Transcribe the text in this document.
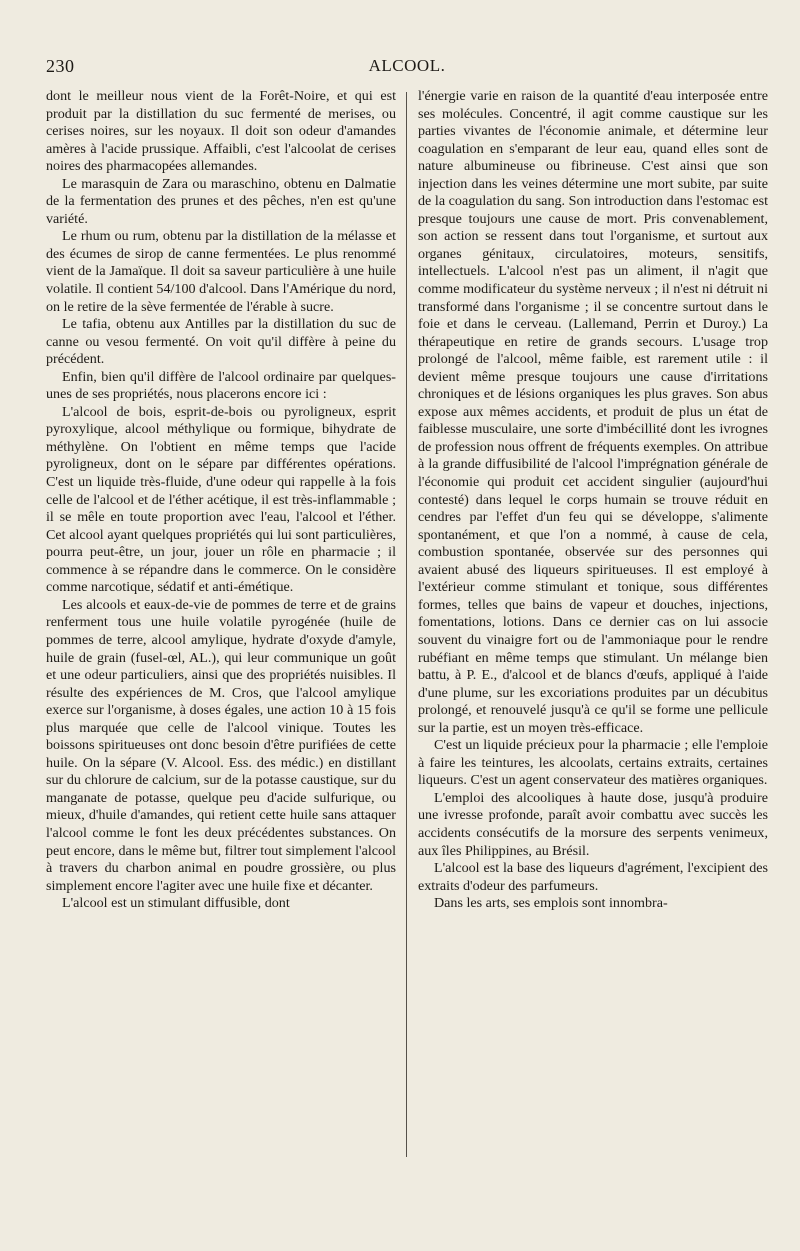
230	ALCOOL.

dont le meilleur nous vient de la Forêt-Noire, et qui est produit par la distillation du suc fermenté de merises, ou cerises noires, sur les noyaux. Il doit son odeur d'amandes amères à l'acide prussique. Affaibli, c'est l'alcoolat de cerises noires des pharmacopées allemandes.

Le marasquin de Zara ou maraschino, obtenu en Dalmatie de la fermentation des prunes et des pêches, n'en est qu'une variété.

Le rhum ou rum, obtenu par la distillation de la mélasse et des écumes de sirop de canne fermentées. Le plus renommé vient de la Jamaïque. Il doit sa saveur particulière à une huile volatile. Il contient 54/100 d'alcool. Dans l'Amérique du nord, on le retire de la sève fermentée de l'érable à sucre.

Le tafia, obtenu aux Antilles par la distillation du suc de canne ou vesou fermenté. On voit qu'il diffère à peine du précédent.

Enfin, bien qu'il diffère de l'alcool ordinaire par quelques-unes de ses propriétés, nous placerons encore ici :

L'alcool de bois, esprit-de-bois ou pyroligneux, esprit pyroxylique, alcool méthylique ou formique, bihydrate de méthylène. On l'obtient en même temps que l'acide pyroligneux, dont on le sépare par différentes opérations. C'est un liquide très-fluide, d'une odeur qui rappelle à la fois celle de l'alcool et de l'éther acétique, il est très-inflammable ; il se mêle en toute proportion avec l'eau, l'alcool et l'éther. Cet alcool ayant quelques propriétés qui lui sont particulières, pourra peut-être, un jour, jouer un rôle en pharmacie ; il commence à se répandre dans le commerce. On le considère comme narcotique, sédatif et anti-émétique.

Les alcools et eaux-de-vie de pommes de terre et de grains renferment tous une huile volatile pyrogénée (huile de pommes de terre, alcool amylique, hydrate d'oxyde d'amyle, huile de grain (fusel-œl, AL.), qui leur communique un goût et une odeur particuliers, ainsi que des propriétés nuisibles. Il résulte des expériences de M. Cros, que l'alcool amylique exerce sur l'organisme, à doses égales, une action 10 à 15 fois plus marquée que celle de l'alcool vinique. Toutes les boissons spiritueuses ont donc besoin d'être purifiées de cette huile. On la sépare (V. Alcool. Ess. des médic.) en distillant sur du chlorure de calcium, sur de la potasse caustique, sur du manganate de potasse, quelque peu d'acide sulfurique, ou mieux, d'huile d'amandes, qui retient cette huile sans attaquer l'alcool comme le font les deux précédentes substances. On peut encore, dans le même but, filtrer tout simplement l'alcool à travers du charbon animal en poudre grossière, ou plus simplement encore l'agiter avec une huile fixe et décanter.

L'alcool est un stimulant diffusible, dont

l'énergie varie en raison de la quantité d'eau interposée entre ses molécules. Concentré, il agit comme caustique sur les parties vivantes de l'économie animale, et détermine leur coagulation en s'emparant de leur eau, quand elles sont de nature albumineuse ou fibrineuse. C'est ainsi que son injection dans les veines détermine une mort subite, par suite de la coagulation du sang. Son introduction dans l'estomac est presque toujours une cause de mort. Pris convenablement, son action se ressent dans tout l'organisme, et surtout aux organes génitaux, circulatoires, moteurs, sensitifs, intellectuels. L'alcool n'est pas un aliment, il n'agit que comme modificateur du système nerveux ; il n'est ni détruit ni transformé dans l'organisme ; il se concentre surtout dans le foie et dans le cerveau. (Lallemand, Perrin et Duroy.) La thérapeutique en retire de grands secours. L'usage trop prolongé de l'alcool, même faible, est rarement utile : il devient même presque toujours une cause d'irritations chroniques et de lésions organiques les plus graves. Son abus expose aux mêmes accidents, et produit de plus un état de faiblesse musculaire, une sorte d'imbécillité dont les ivrognes de profession nous offrent de fréquents exemples. On attribue à la grande diffusibilité de l'alcool l'imprégnation générale de l'économie qui produit cet accident singulier (aujourd'hui contesté) dans lequel le corps humain se trouve réduit en cendres par l'effet d'un feu qui se développe, s'alimente spontanément, et que l'on a nommé, à cause de cela, combustion spontanée, observée sur des personnes qui avaient abusé des liqueurs spiritueuses. Il est employé à l'extérieur comme stimulant et tonique, sous différentes formes, telles que bains de vapeur et douches, injections, fomentations, lotions. Dans ce dernier cas on lui associe souvent du vinaigre fort ou de l'ammoniaque pour le rendre rubéfiant en même temps que stimulant. Un mélange bien battu, à P. E., d'alcool et de blancs d'œufs, appliqué à l'aide d'une plume, sur les excoriations produites par un décubitus prolongé, et renouvelé jusqu'à ce qu'il se forme une pellicule sur la partie, est un moyen très-efficace.

C'est un liquide précieux pour la pharmacie ; elle l'emploie à faire les teintures, les alcoolats, certains extraits, certaines liqueurs. C'est un agent conservateur des matières organiques.

L'emploi des alcooliques à haute dose, jusqu'à produire une ivresse profonde, paraît avoir combattu avec succès les accidents consécutifs de la morsure des serpents venimeux, aux îles Philippines, au Brésil.

L'alcool est la base des liqueurs d'agrément, l'excipient des extraits d'odeur des parfumeurs.

Dans les arts, ses emplois sont innombra-
